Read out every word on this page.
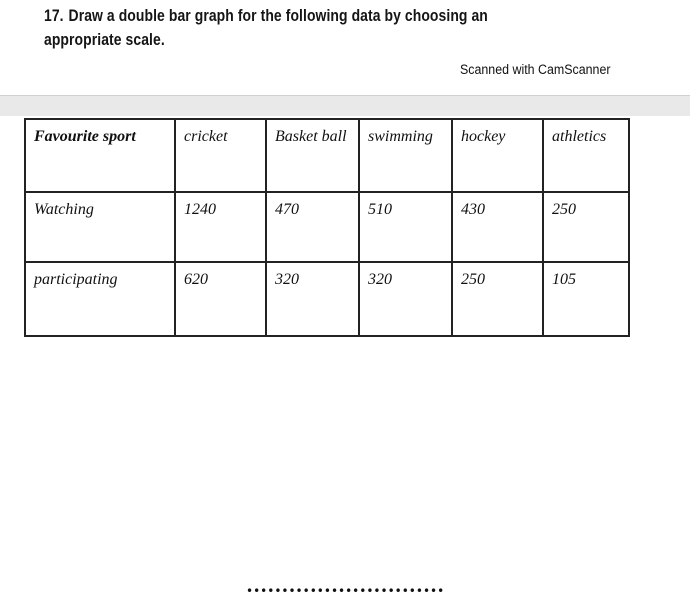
17. Draw a double bar graph for the following data by choosing an appropriate scale.
Scanned with CamScanner
Favourite sport	cricket	Basket ball	swimming	hockey	athletics
Watching	1240	470	510	430	250
participating	620	320	320	250	105
••••••••••••••••••••••••••••
